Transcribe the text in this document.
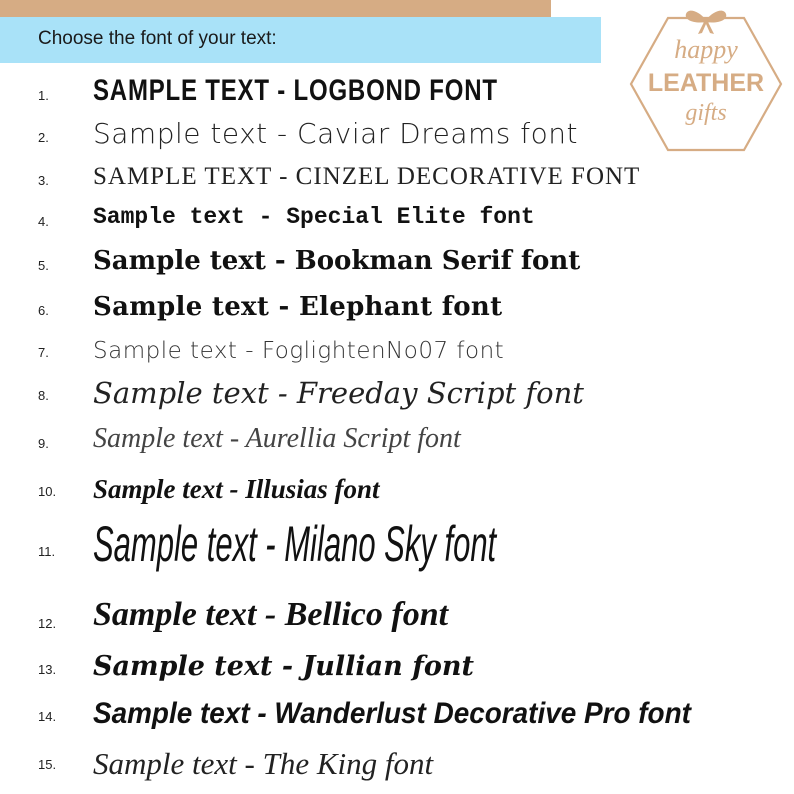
Choose the font of your text:	happy
LEATHER
gifts
1. SAMPLE TEXT - LOGBOND FONT
2. Sample text - Caviar Dreams font
3. SAMPLE TEXT - CINZEL DECORATIVE FONT
4. Sample text - Special Elite font
5. Sample text - Bookman Serif font
6. Sample text - Elephant font
7. Sample text - FoglightenNo07 font
8. Sample text - Freeday Script font
9. Sample text - Aurellia Script font
10. Sample text - Illusias font
11. Sample text - Milano Sky font
12. Sample text - Bellico font
13. Sample text - Jullian font
14. Sample text - Wanderlust Decorative Pro font
15. Sample text - The King font
